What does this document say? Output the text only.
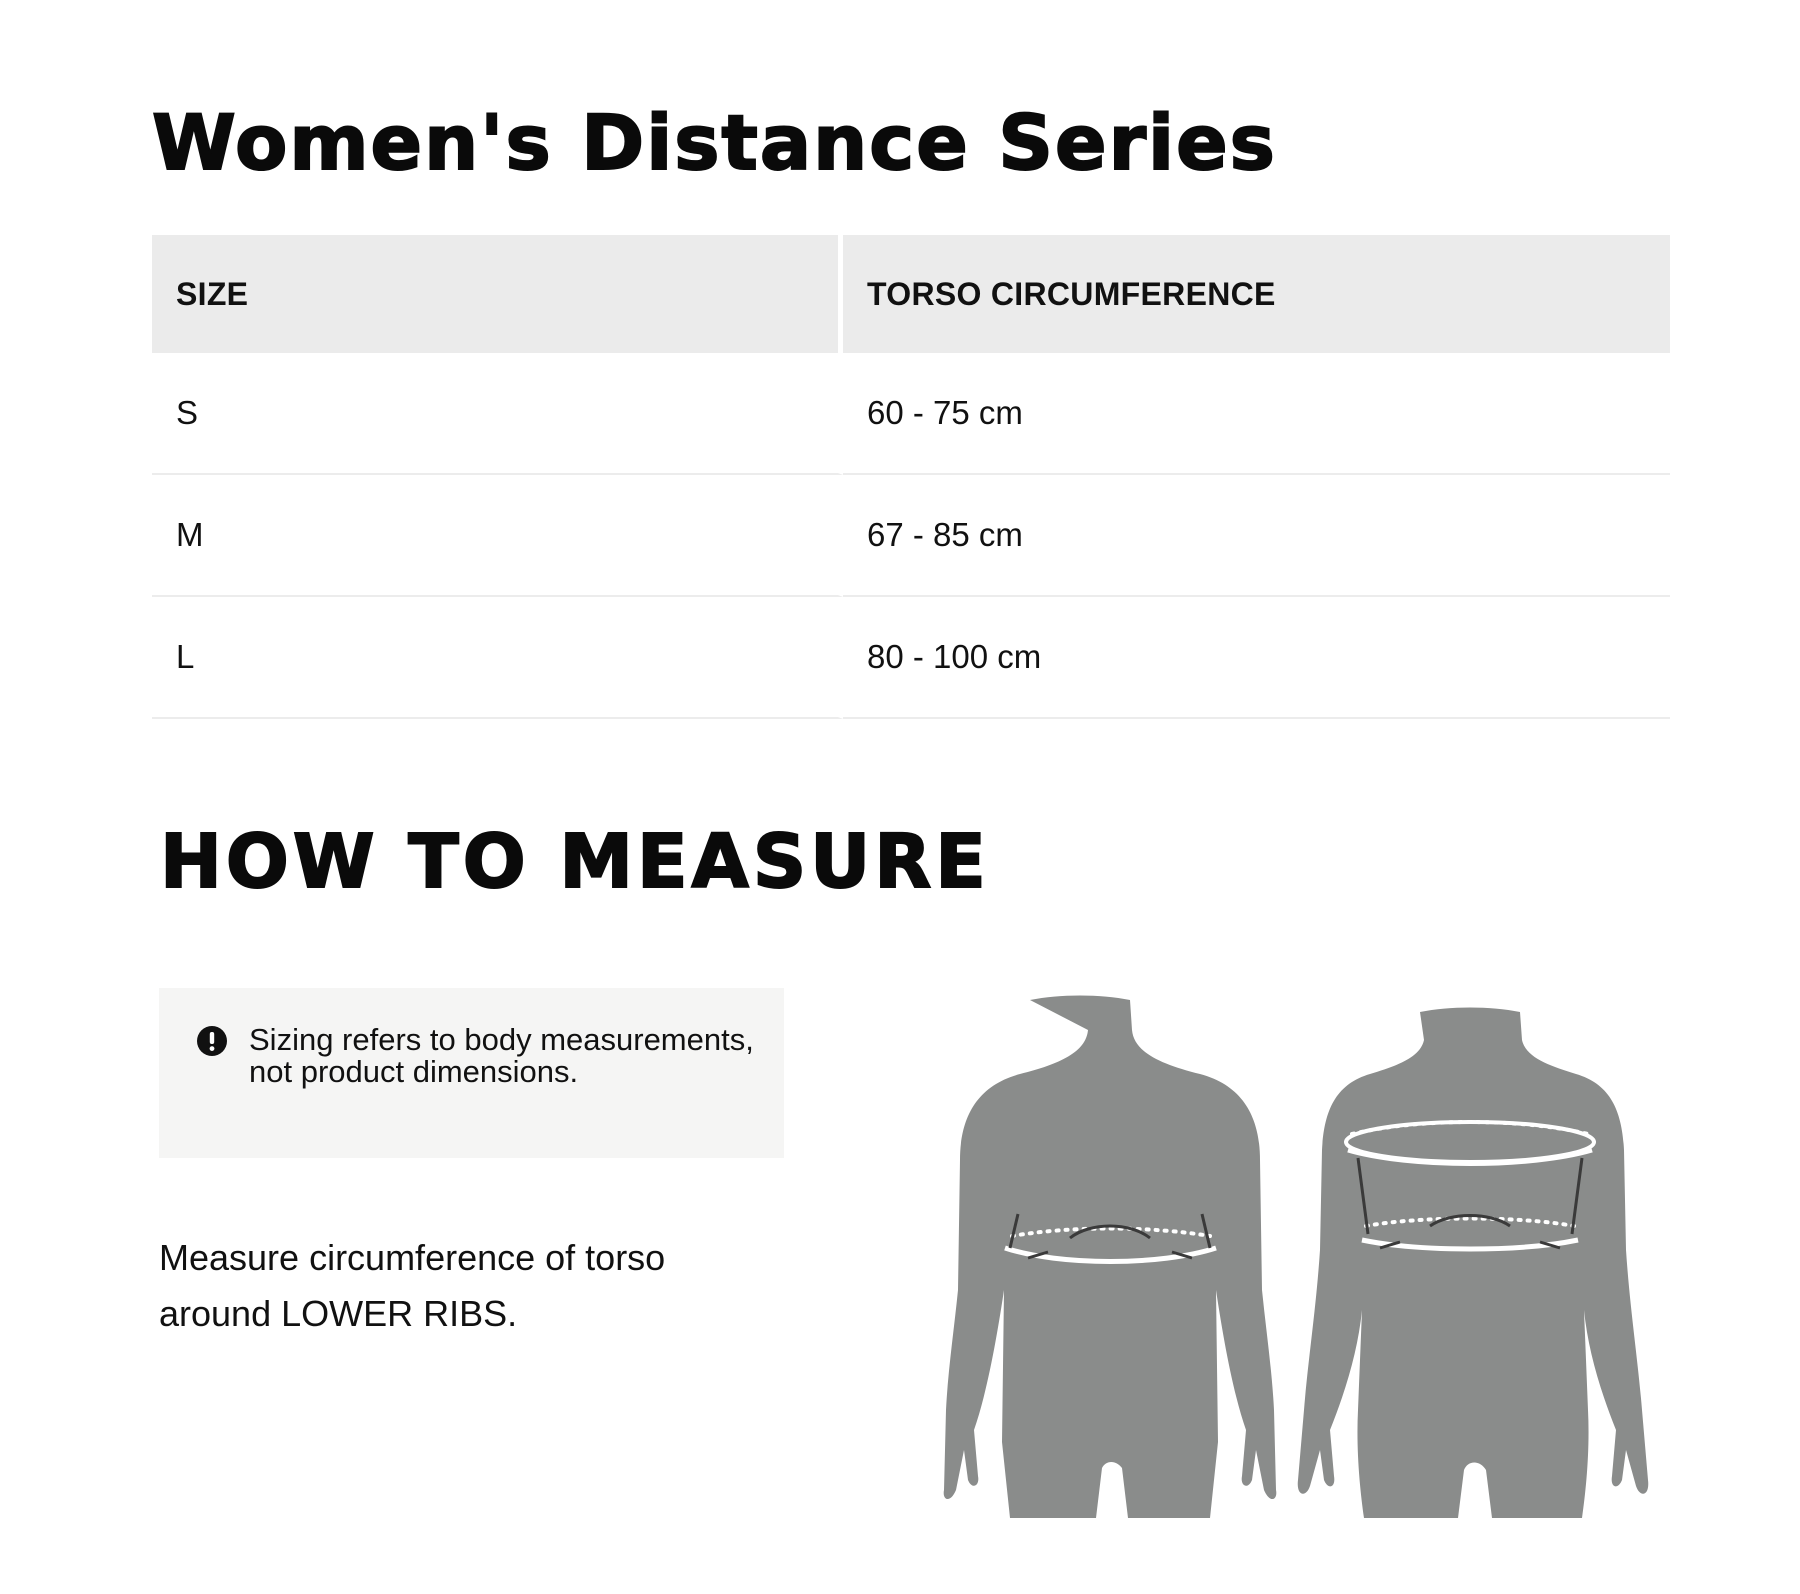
Women's Distance Series
SIZE	TORSO CIRCUMFERENCE
S	60 - 75 cm
M	67 - 85 cm
L	80 - 100 cm
HOW TO MEASURE
Sizing refers to body measurements, not product dimensions.

Measure circumference of torso around LOWER RIBS.
